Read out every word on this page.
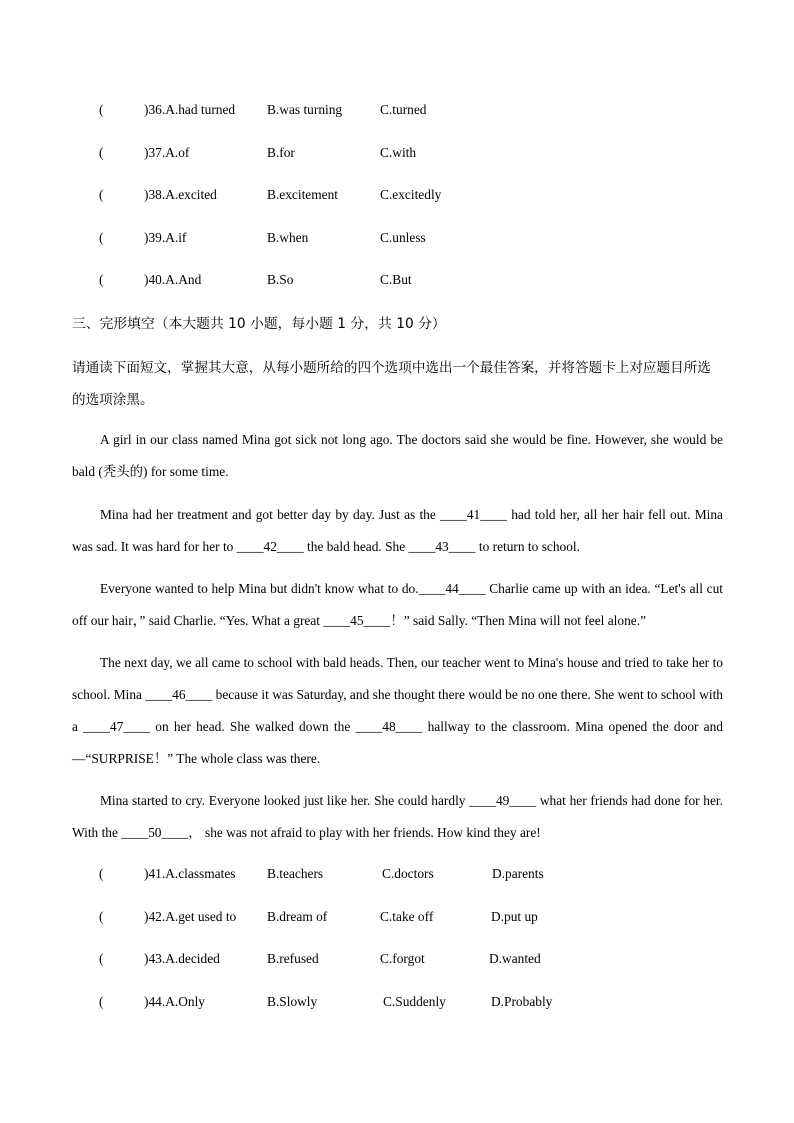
(	)36.A.had turned B.was turning	C.turned
(	)37.A.of	B.for	C.with
(	)38.A.excited	B.excitement	C.excitedly
(	)39.A.if	B.when	C.unless
(	)40.A.And	B.So	C.But
三、完形填空（本大题共 10 小题，每小题 1 分，共 10 分）
请通读下面短文，掌握其大意，从每小题所给的四个选项中选出一个最佳答案，并将答题卡上对应题目所选的选项涂黑。
A girl in our class named Mina got sick not long ago. The doctors said she would be fine. However, she would be bald (秃头的) for some time.
Mina had her treatment and got better day by day. Just as the ____41____ had told her, all her hair fell out. Mina was sad. It was hard for her to ____42____ the bald head. She ____43____ to return to school.
Everyone wanted to help Mina but didn't know what to do.____44____ Charlie came up with an idea. “Let's all cut off our hair，” said Charlie. “Yes. What a great ____45____！” said Sally. “Then Mina will not feel alone.”
The next day, we all came to school with bald heads. Then, our teacher went to Mina's house and tried to take her to school. Mina ____46____ because it was Saturday, and she thought there would be no one there. She went to school with a ____47____ on her head. She walked down the ____48____ hallway to the classroom. Mina opened the door and—“SURPRISE！” The whole class was there.
Mina started to cry. Everyone looked just like her. She could hardly ____49____ what her friends had done for her. With the ____50____， she was not afraid to play with her friends. How kind they are!
(	)41.A.classmates B.teachers	C.doctors	D.parents
(	)42.A.get used to B.dream of	C.take off	D.put up
(	)43.A.decided	B.refused	C.forgot	D.wanted
(	)44.A.Only	B.Slowly	C.Suddenly	D.Probably
